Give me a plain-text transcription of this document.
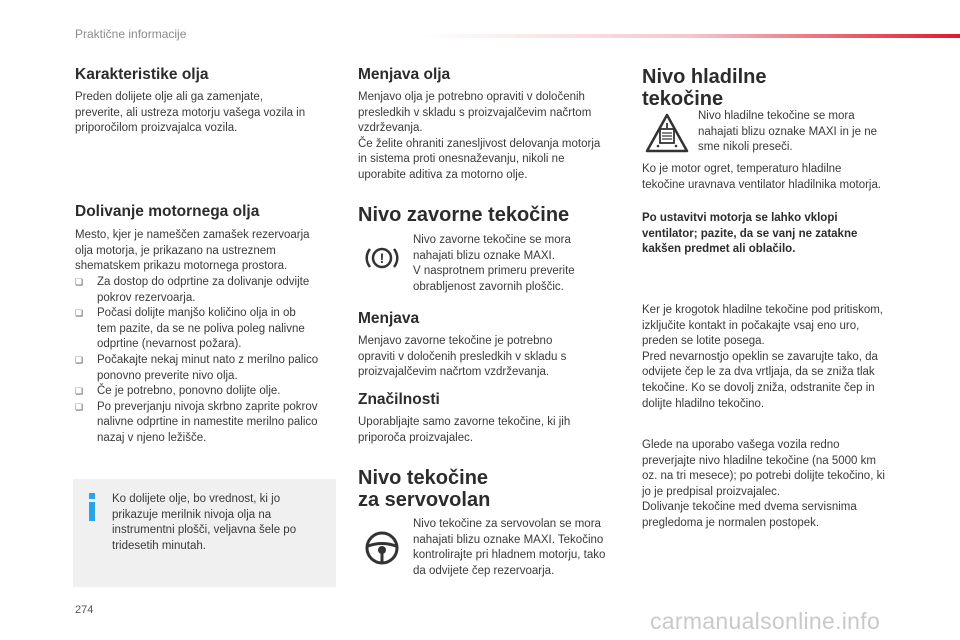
Praktične informacije
Karakteristike olja

Preden dolijete olje ali ga zamenjate,
preverite, ali ustreza motorju vašega vozila in
priporočilom proizvajalca vozila.

Dolivanje motornega olja

Mesto, kjer je nameščen zamašek rezervoarja
olja motorja, je prikazano na ustreznem
shematskem prikazu motornega prostora.

❏ Za dostop do odprtine za dolivanje odvijte
pokrov rezervoarja.
❏ Počasi dolijte manjšo količino olja in ob
tem pazite, da se ne poliva poleg nalivne
odprtine (nevarnost požara).
❏ Počakajte nekaj minut nato z merilno palico
ponovno preverite nivo olja.
❏ Če je potrebno, ponovno dolijte olje.
❏ Po preverjanju nivoja skrbno zaprite pokrov
nalivne odprtine in namestite merilno palico
nazaj v njeno ležišče.

Ko dolijete olje, bo vrednost, ki jo
prikazuje merilnik nivoja olja na
instrumentni plošči, veljavna šele po
tridesetih minutah.

Menjava olja

Menjavo olja je potrebno opraviti v določenih
presledkih v skladu s proizvajalčevim načrtom
vzdrževanja.
Če želite ohraniti zanesljivost delovanja motorja
in sistema proti onesnaževanju, nikoli ne
uporabite aditiva za motorno olje.

Nivo zavorne tekočine
!

Nivo zavorne tekočine se mora
nahajati blizu oznake MAXI.
V nasprotnem primeru preverite
obrabljenost zavornih ploščic.

Menjava

Menjavo zavorne tekočine je potrebno
opraviti v določenih presledkih v skladu s
proizvajalčevim načrtom vzdrževanja.

Značilnosti

Uporabljajte samo zavorne tekočine, ki jih
priporoča proizvajalec.

Nivo tekočine
za servovolan

Nivo tekočine za servovolan se mora
nahajati blizu oznake MAXI. Tekočino
kontrolirajte pri hladnem motorju, tako
da odvijete čep rezervoarja.

Nivo hladilne
tekočine

Nivo hladilne tekočine se mora
nahajati blizu oznake MAXI in je ne
sme nikoli preseči.

Ko je motor ogret, temperaturo hladilne
tekočine uravnava ventilator hladilnika motorja.

Po ustavitvi motorja se lahko vklopi
ventilator; pazite, da se vanj ne zatakne
kakšen predmet ali oblačilo.

Ker je krogotok hladilne tekočine pod pritiskom,
izključite kontakt in počakajte vsaj eno uro,
preden se lotite posega.
Pred nevarnostjo opeklin se zavarujte tako, da
odvijete čep le za dva vrtljaja, da se zniža tlak
tekočine. Ko se dovolj zniža, odstranite čep in
dolijte hladilno tekočino.

Glede na uporabo vašega vozila redno
preverjajte nivo hladilne tekočine (na 5000 km
oz. na tri mesece); po potrebi dolijte tekočino, ki
jo je predpisal proizvajalec.
Dolivanje tekočine med dvema servisnima
pregledoma je normalen postopek.

274	carmanualsonline.info
